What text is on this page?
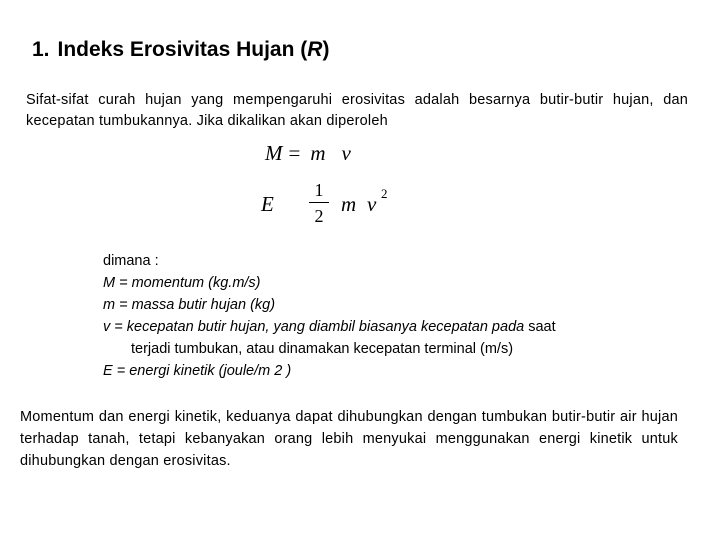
1. Indeks Erosivitas Hujan (R)
Sifat-sifat curah hujan yang mempengaruhi erosivitas adalah besarnya butir-butir hujan, dan kecepatan tumbukannya. Jika dikalikan akan diperoleh
M = m v
E
1
2 m v 2
dimana :
M = momentum (kg.m/s)
m = massa butir hujan (kg)
v = kecepatan butir hujan, yang diambil biasanya kecepatan pada saat
terjadi tumbukan, atau dinamakan kecepatan terminal (m/s)
E = energi kinetik (joule/m 2 )
Momentum dan energi kinetik, keduanya dapat dihubungkan dengan tumbukan butir-butir air hujan terhadap tanah, tetapi kebanyakan orang lebih menyukai menggunakan energi kinetik untuk dihubungkan dengan erosivitas.
